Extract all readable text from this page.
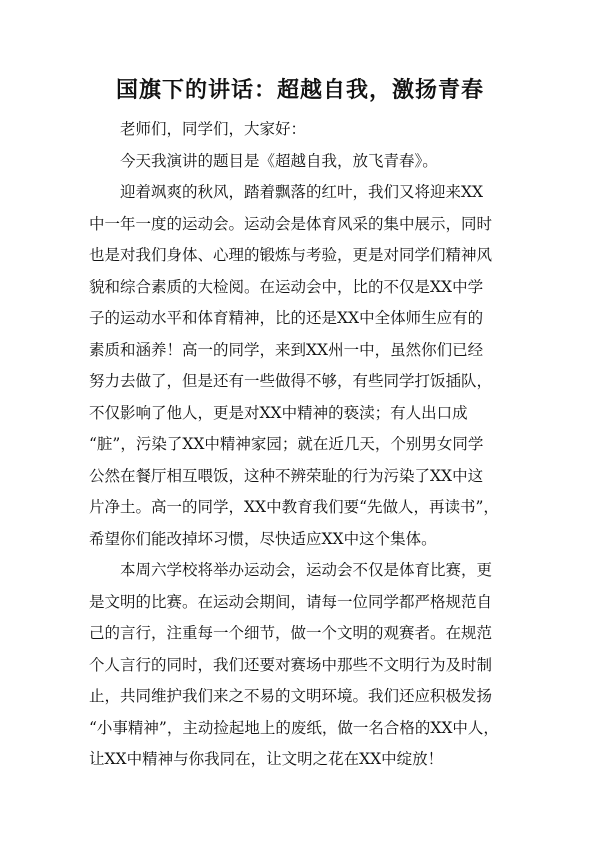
国旗下的讲话：超越自我，激扬青春
老师们，同学们，大家好：
今天我演讲的题目是《超越自我，放飞青春》。
迎着飒爽的秋风，踏着飘落的红叶，我们又将迎来XX
中一年一度的运动会。运动会是体育风采的集中展示，同时
也是对我们身体、心理的锻炼与考验，更是对同学们精神风
貌和综合素质的大检阅。在运动会中，比的不仅是XX中学
子的运动水平和体育精神，比的还是XX中全体师生应有的
素质和涵养！高一的同学，来到XX州一中，虽然你们已经
努力去做了，但是还有一些做得不够，有些同学打饭插队，
不仅影响了他人，更是对XX中精神的亵渎；有人出口成
“脏”，污染了XX中精神家园；就在近几天，个别男女同学
公然在餐厅相互喂饭，这种不辨荣耻的行为污染了XX中这
片净土。高一的同学，XX中教育我们要“先做人，再读书”，
希望你们能改掉坏习惯，尽快适应XX中这个集体。
本周六学校将举办运动会，运动会不仅是体育比赛，更
是文明的比赛。在运动会期间，请每一位同学都严格规范自
己的言行，注重每一个细节，做一个文明的观赛者。在规范
个人言行的同时，我们还要对赛场中那些不文明行为及时制
止，共同维护我们来之不易的文明环境。我们还应积极发扬
“小事精神”，主动捡起地上的废纸，做一名合格的XX中人，
让XX中精神与你我同在，让文明之花在XX中绽放！
